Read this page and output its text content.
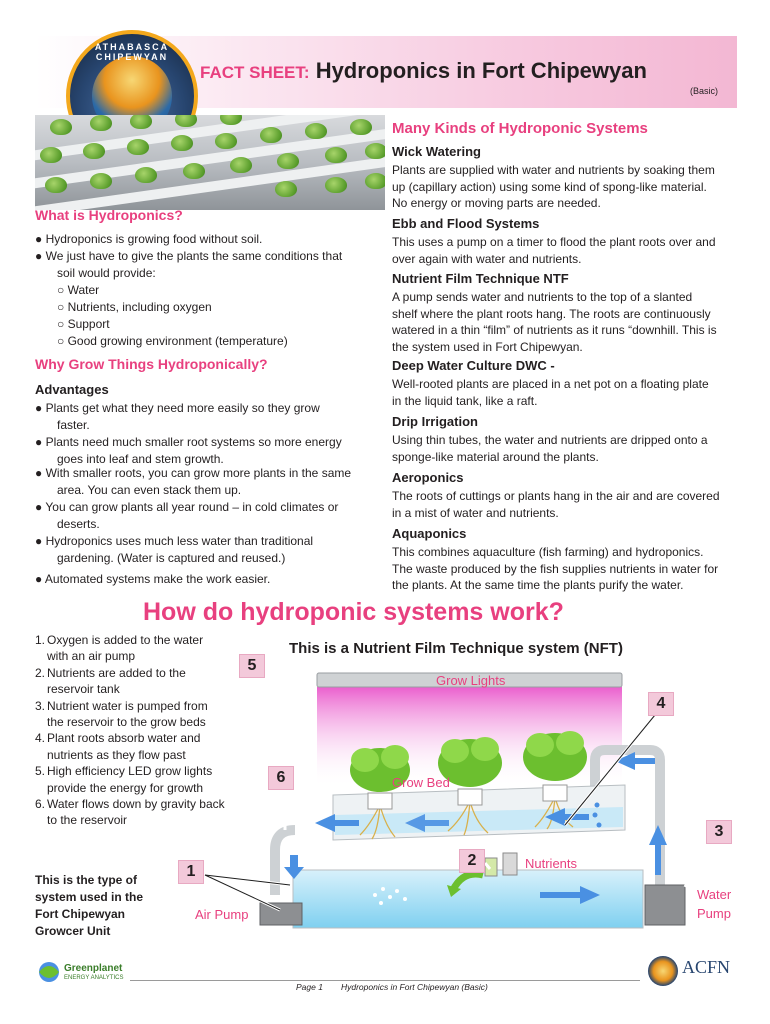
ATHABASCA CHIPEWYAN
FACT SHEET: Hydroponics in Fort Chipewyan
(Basic)
What is Hydroponics?
● Hydroponics is growing food without soil.
● We just have to give the plants the same conditions that
soil would provide:
○ Water
○ Nutrients, including oxygen
○ Support
○ Good growing environment (temperature)
Why Grow Things Hydroponically?
Advantages
● Plants get what they need more easily so they grow
faster.
● Plants need much smaller root systems so more energy
goes into leaf and stem growth.
● With smaller roots, you can grow more plants in the same
area. You can even stack them up.
● You can grow plants all year round – in cold climates or
deserts.
● Hydroponics uses much less water than traditional
gardening. (Water is captured and reused.)
● Automated systems make the work easier.
Many Kinds of Hydroponic Systems
Wick Watering
Plants are supplied with water and nutrients by soaking them
up (capillary action) using some kind of spong-like material.
No energy or moving parts are needed.
Ebb and Flood Systems
This uses a pump on a timer to flood the plant roots over and
over again with water and nutrients.
Nutrient Film Technique NTF
A pump sends water and nutrients to the top of a slanted
shelf where the plant roots hang. The roots are continuously
watered in a thin “film” of nutrients as it runs “downhill. This is
the system used in Fort Chipewyan.
Deep Water Culture DWC -
Well-rooted plants are placed in a net pot on a floating plate
in the liquid tank, like a raft.
Drip Irrigation
Using thin tubes, the water and nutrients are dripped onto a
sponge-like material around the plants.
Aeroponics
The roots of cuttings or plants hang in the air and are covered
in a mist of water and nutrients.
Aquaponics
This combines aquaculture (fish farming) and hydroponics.
The waste produced by the fish supplies nutrients in water for
the plants. At the same time the plants purify the water.
How do hydroponic systems work?
1. Oxygen is added to the water with an air pump
2. Nutrients are added to the reservoir tank
3. Nutrient water is pumped from the reservoir to the grow beds
4. Plant roots absorb water and nutrients as they flow past
5. High efficiency LED grow lights provide the energy for growth
6. Water flows down by gravity back to the reservoir
This is the type of system used in the Fort Chipewyan Growcer Unit
This is a Nutrient Film Technique system (NFT)
5
Grow Lights
4
6	Grow Bed
3
2	Nutrients
1
Air Pump
Water
Pump
Greenplanet
ENERGY ANALYTICS
Page 1 Hydroponics in Fort Chipewyan (Basic)
ACFN
